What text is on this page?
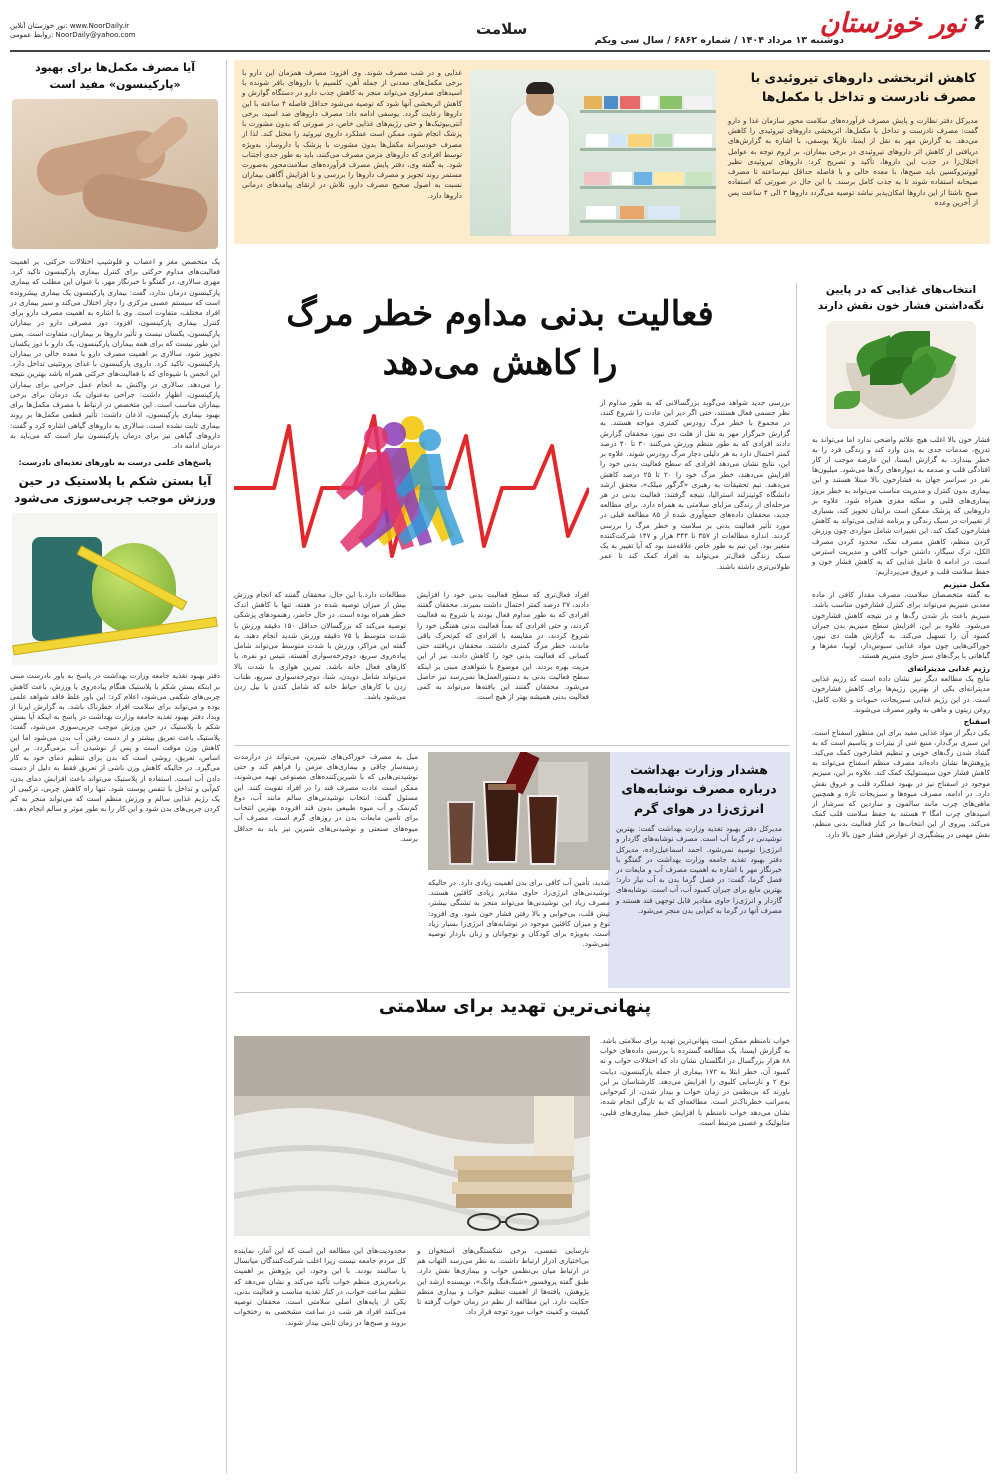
۶
نور خوزستان
دوشنبه ۱۳ مرداد ۱۴۰۴ / شماره ۶۸۶۲ / سال سی ویکم
سلامت
نور خوزستان آنلاین: www.NoorDaily.ir
روابط عمومی: NoorDaily@yahoo.com
کاهش اثربخشی داروهای تیروئیدی با مصرف نادرست و تداخل با مکمل‌ها
مدیرکل دفتر نظارت و پایش مصرف فرآورده‌های سلامت محور سازمان غذا و دارو گفت: مصرف نادرست و تداخل با مکمل‌ها، اثربخشی داروهای تیروئیدی را کاهش می‌دهد. به گزارش مهر به نقل از ایمنا، نازیلا یوسفی، با اشاره به گزارش‌های دریافتی از کاهش اثر داروهای تیروئیدی در برخی بیماران، بر لزوم توجه به عوامل اختلال‌زا در جذب این داروها، تأکید و تصریح کرد: داروهای تیروئیدی نظیر لووتیروکسین باید صبح‌ها، با معده خالی و با فاصله حداقل نیم‌ساعته تا مصرف صبحانه استفاده شوند تا به جذب کامل برسند. با این حال در صورتی که استفاده صبح ناشتا از این داروها امکان‌پذیر نباشد توصیه می‌گردد داروها ۳ الی ۴ ساعت پس از آخرین وعده
غذایی و در شب مصرف شوند. وی افزود: مصرف همزمان این دارو با برخی مکمل‌های معدنی از جمله آهن، کلسیم یا داروهای بافر شونده با اسیدهای صفراوی می‌تواند منجر به کاهش جذب دارو در دستگاه گوارش و کاهش اثربخشی آنها شود که توصیه می‌شود حداقل فاصله ۴ ساعته با این داروها رعایت گردد. یوسفی ادامه داد: مصرف داروهای ضد اسید، برخی آنتی‌بیوتیک‌ها و حتی رژیم‌های غذایی خاص، در صورتی که بدون مشورت با پزشک انجام شود، ممکن است عملکرد داروی تیروئید را مختل کند. لذا از مصرف خودسرانه مکمل‌ها بدون مشورت با پزشک یا داروساز، به‌ویژه توسط افرادی که داروهای مزمن مصرف می‌کنند، باید به طور جدی اجتناب شود. به گفته وی، دفتر پایش مصرف فرآورده‌های سلامت‌محور به‌صورت مستمر روند تجویز و مصرف داروها را بررسی و با افزایش آگاهی بیماران نسبت به اصول صحیح مصرف دارو، تلاش در ارتقای پیامدهای درمانی داروها دارد.
انتخاب‌های غذایی که در پایین نگه‌داشتن فشار خون نقش دارند

فشار خون بالا اغلب هیچ علائم واضحی ندارد اما می‌تواند به تدریج، صدمات جدی به بدن وارد کند و زندگی فرد را به خطر بیندازد. به گزارش ایسنا، این عارضه موجب از کار افتادگی قلب و صدمه به دیواره‌های رگ‌ها می‌شود. میلیون‌ها نفر در سراسر جهان به فشارخون بالا مبتلا هستند و این بیماری بدون کنترل و مدیریت مناسب می‌تواند به خطر بروز بیماری‌های قلبی و سکته مغزی همراه شود. علاوه بر داروهایی که پزشک ممکن است برایتان تجویز کند، بسیاری از تغییرات در سبک زندگی و برنامه غذایی می‌تواند به کاهش فشارخون کمک کند. این تغییرات شامل مواردی چون ورزش کردن منظم، کاهش مصرف نمک، محدود کردن مصرف الکل، ترک سیگار، داشتن خواب کافی و مدیریت استرس است. در ادامه ۵ عامل غذایی که به کاهش فشار خون و حفظ سلامت قلب و عروق می‌پردازیم:

مکمل منیزیم

به گفته متخصصان سلامت، مصرف مقدار کافی از ماده معدنی منیزیم می‌تواند برای کنترل فشارخون مناسب باشد. منیزیم باعث باز شدن رگ‌ها و در نتیجه کاهش فشارخون می‌شود. علاوه بر این، افزایش سطح منیزیم بدن جبران کمبود آن را تسهیل می‌کند. به گزارش هلث دی نیوز، خوراکی‌هایی چون مواد غذایی سبوس‌دار، لوبیا، مغزها و گیاهانی با برگ‌های سبز حاوی منیزیم هستند.

رژیم غذایی مدیترانه‌ای

نتایج یک مطالعه دیگر نیز نشان داده است که رژیم غذایی مدیترانه‌ای یکی از بهترین رژیم‌ها برای کاهش فشارخون است. در این رژیم غذایی سبزیجات، حبوبات و غلات کامل، روغن زیتون و ماهی به وفور مصرف می‌شوند.

اسفناج

یکی دیگر از مواد غذایی مفید برای این منظور اسفناج است. این سبزی برگ‌دار، منبع غنی از نیترات و پتاسیم است که به گشاد شدن رگ‌های خونی و تنظیم فشارخون کمک می‌کند. پژوهش‌ها نشان داده‌اند مصرف منظم اسفناج می‌تواند به کاهش فشار خون سیستولیک کمک کند. علاوه بر این، منیزیم موجود در اسفناج نیز در بهبود عملکرد قلب و عروق نقش دارد. در ادامه، مصرف میوه‌ها و سبزیجات تازه و همچنین ماهی‌های چرب مانند سالمون و ساردین که سرشار از اسیدهای چرب امگا ۳ هستند به حفظ سلامت قلب کمک می‌کند. پیروی از این انتخاب‌ها در کنار فعالیت بدنی منظم، نقش مهمی در پیشگیری از عوارض فشار خون بالا دارد.

آیا مصرف مکمل‌ها برای بهبود «پارکینسون» مفید است
یک متخصص مغز و اعصاب و فلوشیپ اختلالات حرکتی، بر اهمیت فعالیت‌های مداوم حرکتی برای کنترل بیماری پارکینسون تاکید کرد. مهری سالاری، در گفتگو با خبرنگار مهر، با عنوان این مطلب که بیماری پارکینسون درمان ندارد، گفت: بیماری پارکینسون یک بیماری پیشرونده است که سیستم عصبی مرکزی را دچار اختلال می‌کند و سیر بیماری در افراد مختلف، متفاوت است. وی با اشاره به اهمیت مصرف دارو برای کنترل بیماری پارکینسون، افزود: دوز مصرفی دارو در بیماران پارکینسون، یکسان نیست و تأثیر داروها بر بیماران، متفاوت است. یعنی این طور نیست که برای همه بیماران پارکینسون، یک دارو با دوز یکسان تجویز شود. سالاری بر اهمیت مصرف دارو با معده خالی در بیماران پارکینسون، تاکید کرد. داروی پارکینسون با غذای پروتئینی تداخل دارد. این انجمن با شیوه‌ای که با فعالیت‌های حرکتی همراه باشد بهترین نتیجه را می‌دهد. سالاری در واکنش به انجام عمل جراحی برای بیماران پارکینسون، اظهار داشت: جراحی به‌عنوان یک درمان برای برخی بیماران مناسب است. این متخصص در ارتباط با مصرف مکمل‌ها برای بهبود بیماری پارکینسون، اذعان داشت: تأثیر قطعی مکمل‌ها بر روند بیماری ثابت نشده است. سالاری به داروهای گیاهی اشاره کرد و گفت: داروهای گیاهی نیز برای درمان پارکینسون نیاز است که می‌باید به درمان ادامه داد.
پاسخ‌های علمی درست به باورهای تغذیه‌ای نادرست:
آیا بستن شکم با پلاستیک در حین ورزش موجب چربی‌سوزی می‌شود
دفتر بهبود تغذیه جامعه وزارت بهداشت در پاسخ به باور نادرست مبنی بر اینکه بستن شکم با پلاستیک هنگام پیاده‌روی یا ورزش، باعث کاهش چربی‌های شکمی می‌شود، اعلام کرد: این باور غلط فاقد شواهد علمی بوده و می‌تواند برای سلامت افراد خطرناک باشد. به گزارش ایرنا از وبدا، دفتر بهبود تغذیه جامعه وزارت بهداشت در پاسخ به اینکه آیا بستن شکم با پلاستیک در حین ورزش موجب چربی‌سوزی می‌شود، گفت: پلاستیک باعث تعریق بیشتر و از دست رفتن آب بدن می‌شود اما این کاهش وزن موقت است و پس از نوشیدن آب برمی‌گردد. بر این اساس، تعریق، روشی است که بدن برای تنظیم دمای خود به کار می‌گیرد. در حالیکه کاهش وزن ناشی از تعریق فقط به دلیل از دست دادن آب است. استفاده از پلاستیک می‌تواند باعث افزایش دمای بدن، کم‌آبی و تداخل با تنفس پوست شود. تنها راه کاهش چربی، ترکیبی از یک رژیم غذایی سالم و ورزش منظم است که می‌تواند منجر به کم کردن چربی‌های بدن شود و این کار را به طور موثر و سالم انجام دهد.
فعالیت بدنی مداوم خطر مرگ
را کاهش می‌دهد
بررسی جدید شواهد می‌گوید بزرگسالانی که به طور مداوم از نظر جسمی فعال هستند، حتی اگر دیر این عادت را شروع کنند، در مجموع با خطر مرگ زودرس کمتری مواجه هستند. به گزارش خبرگزار مهر به نقل از هلث دی نیوز، محققان گزارش دادند افرادی که به طور منظم ورزش می‌کنند ۳۰ تا ۴۰ درصد کمتر احتمال دارد به هر دلیلی دچار مرگ زودرس شوند. علاوه بر این، نتایج نشان می‌دهد افرادی که سطح فعالیت بدنی خود را افزایش می‌دهند، خطر مرگ خود را ۲۰ تا ۲۵ درصد کاهش می‌دهند. تیم تحقیقات به رهبری «گرگور میلک»، محقق ارشد دانشگاه کوئینزلند استرالیا، نتیجه گرفتند: فعالیت بدنی در هر مرحله‌ای از زندگی مزایای سلامتی به همراه دارد. برای مطالعه جدید، محققان داده‌های جمع‌آوری شده از ۸۵ مطالعه قبلی در مورد تأثیر فعالیت بدنی بر سلامت و خطر مرگ را بررسی کردند. اندازه مطالعات از ۳۵۷ تا ۳۴۴ هزار و ۱۴۷ شرکت‌کننده متغیر بود. این تیم به طور خاص علاقه‌مند بود که آیا تغییر به یک سبک زندگی فعال‌تر می‌تواند به افراد کمک کند تا عمر طولانی‌تری داشته باشند.
افراد فعال‌تری که سطح فعالیت بدنی خود را افزایش دادند، ۲۷ درصد کمتر احتمال داشت بمیرند. محققان گفتند افرادی که به طور مداوم فعال بودند یا شروع به فعالیت کردند، و حتی افرادی که بعداً فعالیت بدنی هفتگی خود را شروع کردند، در مقایسه با افرادی که کم‌تحرک باقی ماندند، خطر مرگ کمتری داشتند. محققان دریافتند حتی کسانی که فعالیت بدنی خود را کاهش دادند، نیز از این مزیت بهره بردند. این موضوع با شواهدی مبنی بر اینکه سطح فعالیت بدنی به دستورالعمل‌ها نمی‌رسد نیز حاصل می‌شود. محققان گفتند این یافته‌ها می‌تواند به کمی فعالیت بدنی همیشه بهتر از هیچ است.
مطالعات دارد.با این حال، محققان گفتند که انجام ورزش بیش از میزان توصیه شده در هفته، تنها با کاهش اندک خطر همراه بوده است. در حال حاضر، رهنمودهای پزشکی توصیه می‌کند که بزرگسالان حداقل ۱۵۰ دقیقه ورزش با شدت متوسط یا ۷۵ دقیقه ورزش شدید انجام دهند. به گفته این مراکز، ورزش با شدت متوسط می‌تواند شامل پیاده‌روی سریع، دوچرخه‌سواری آهسته، تنیس دو نفره، یا کارهای فعال خانه باشد. تمرین هوازی با شدت بالا می‌تواند شامل دویدن، شنا، دوچرخه‌سواری سریع، طناب زدن یا کارهای حیاط خانه که شامل کندن یا بیل زدن می‌شود باشد.
هشدار وزارت بهداشت درباره مصرف نوشابه‌های انرژی‌زا در هوای گرم
مدیرکل دفتر بهبود تغذیه وزارت بهداشت گفت: بهترین نوشیدنی در گرما آب است. مصرف نوشابه‌های گازدار و انرژی‌زا توصیه نمی‌شود. احمد اسماعیل‌زاده، مدیرکل دفتر بهبود تغذیه جامعه وزارت بهداشت در گفتگو با خبرنگار مهر با اشاره به اهمیت مصرف آب و مایعات در فصل گرما، گفت: در فصل گرما بدن به آب نیاز دارد؛ بهترین مایع برای جبران کمبود آب، آب است. نوشابه‌های گازدار و انرژی‌زا حاوی مقادیر قابل توجهی قند هستند و مصرف آنها در گرما به کم‌آبی بدن منجر می‌شود.
شدید، تأمین آب کافی برای بدن اهمیت زیادی دارد. در حالیکه نوشیدنی‌های انرژی‌زا، حاوی مقادیر زیادی کافئین هستند. مصرف زیاد این نوشیدنی‌ها می‌تواند منجر به تشنگی بیشتر، تپش قلب، بی‌خوابی و بالا رفتن فشار خون شود. وی افزود: نوع و میزان کافئین موجود در نوشابه‌های انرژی‌زا بسیار زیاد است. به‌ویژه برای کودکان و نوجوانان و زنان باردار توصیه نمی‌شود.
میل به مصرف خوراکی‌های شیرین، می‌تواند در درازمدت زمینه‌ساز چاقی و بیماری‌های مزمن را فراهم کند و حتی نوشیدنی‌هایی که با شیرین‌کننده‌های مصنوعی تهیه می‌شوند، ممکن است عادت مصرف قند را در افراد تقویت کنند. این مسئول گفت: انتخاب نوشیدنی‌های سالم مانند آب، دوغ کم‌نمک و آب میوه طبیعی بدون قند افزوده بهترین انتخاب برای تأمین مایعات بدن در روزهای گرم است. مصرف آب میوه‌های صنعتی و نوشیدنی‌های شیرین نیز باید به حداقل برسد.
پنهانی‌ترین تهدید برای سلامتی
خواب نامنظم ممکن است پنهانی‌ترین تهدید برای سلامتی باشد. به گزارش ایسنا، یک مطالعه گسترده با بررسی داده‌های خواب ۸۸ هزار بزرگسال در انگلستان نشان داد که اختلالات خواب و نه کمبود آن، خطر ابتلا به ۱۷۲ بیماری از جمله پارکینسون، دیابت نوع ۲ و نارسایی کلیوی را افزایش می‌دهد. کارشناسان بر این باورند که بی‌نظمی در زمان خواب و بیدار شدن، از کم‌خوابی به‌مراتب خطرناک‌تر است. مطالعه‌ای که به تازگی انجام شده، نشان می‌دهد خواب نامنظم با افزایش خطر بیماری‌های قلبی، متابولیک و عصبی مرتبط است.
نارسایی تنفسی، برخی شکستگی‌های استخوان و بی‌اختیاری ادرار ارتباط داشت. به نظر می‌رسد التهاب هم در ارتباط میان بی‌نظمی خواب و بیماری‌ها نقش دارد. طبق گفته پروفسور «شنگ‌فنگ وانگ»، نویسنده ارشد این پژوهش، یافته‌ها از اهمیت تنظیم خواب و بیداری منظم حکایت دارد. این مطالعه از نظم در زمان خواب گرفته تا کیفیت و کمیت خواب مورد توجه قرار داد.
محدودیت‌های این مطالعه این است که این آمار، نماینده کل مردم جامعه نیست زیرا اغلب شرکت‌کنندگان میانسال یا سالمند بودند. با این وجود، این پژوهش بر اهمیت برنامه‌ریزی منظم خواب تأکید می‌کند و نشان می‌دهد که تنظیم ساعت خواب، در کنار تغذیه مناسب و فعالیت بدنی، یکی از پایه‌های اصلی سلامتی است. محققان توصیه می‌کنند افراد هر شب در ساعت مشخصی به رختخواب بروند و صبح‌ها در زمان ثابتی بیدار شوند.
